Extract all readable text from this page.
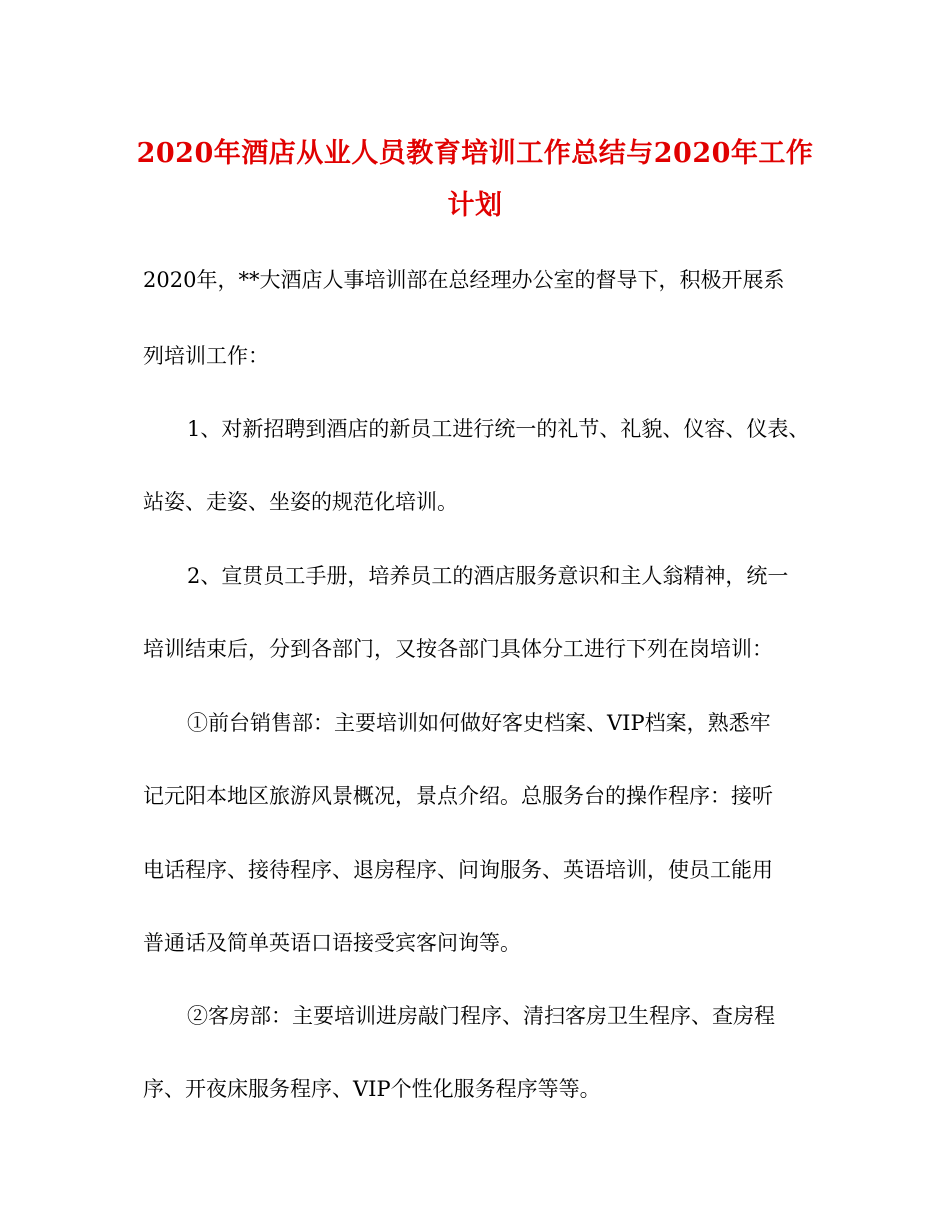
2020年酒店从业人员教育培训工作总结与2020年工作
计划
2020年，**大酒店人事培训部在总经理办公室的督导下，积极开展系
列培训工作：
1、对新招聘到酒店的新员工进行统一的礼节、礼貌、仪容、仪表、
站姿、走姿、坐姿的规范化培训。
2、宣贯员工手册，培养员工的酒店服务意识和主人翁精神，统一
培训结束后，分到各部门，又按各部门具体分工进行下列在岗培训：
①前台销售部：主要培训如何做好客史档案、VIP档案，熟悉牢
记元阳本地区旅游风景概况，景点介绍。总服务台的操作程序：接听
电话程序、接待程序、退房程序、问询服务、英语培训，使员工能用
普通话及简单英语口语接受宾客问询等。
②客房部：主要培训进房敲门程序、清扫客房卫生程序、查房程
序、开夜床服务程序、VIP个性化服务程序等等。
